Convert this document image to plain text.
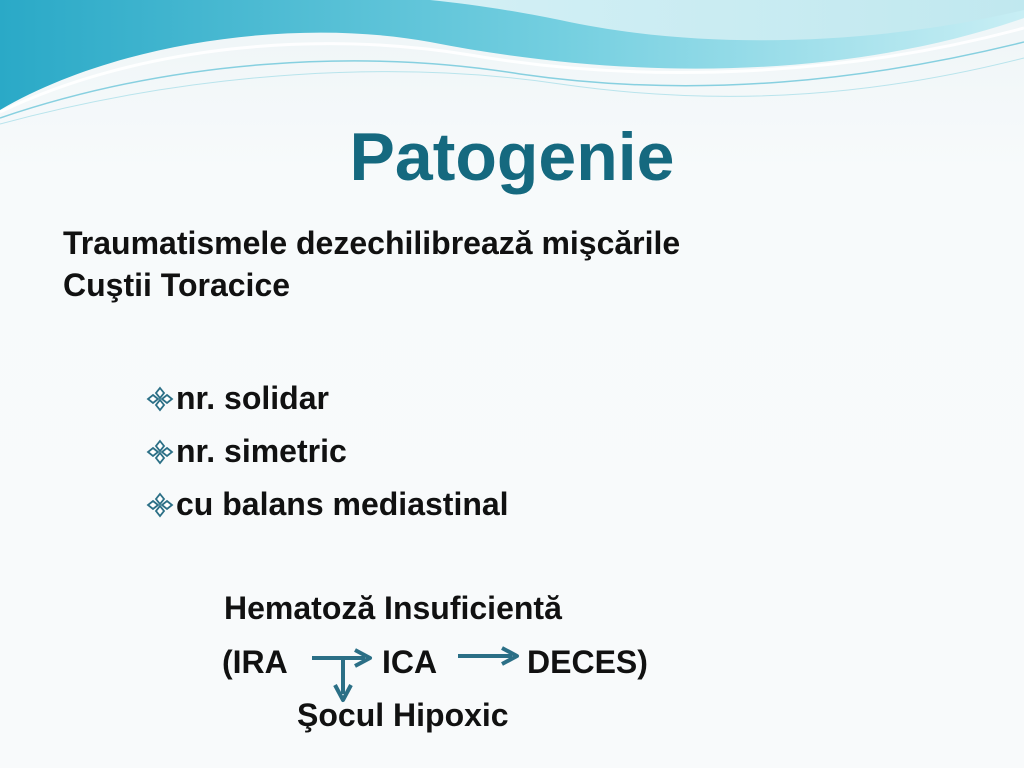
Patogenie
Traumatismele dezechilibrează mişcările
Cuştii Toracice
nr. solidar
nr. simetric
cu balans mediastinal
Hematoză Insuficientă
(IRA	ICA	DECES)
Şocul Hipoxic
